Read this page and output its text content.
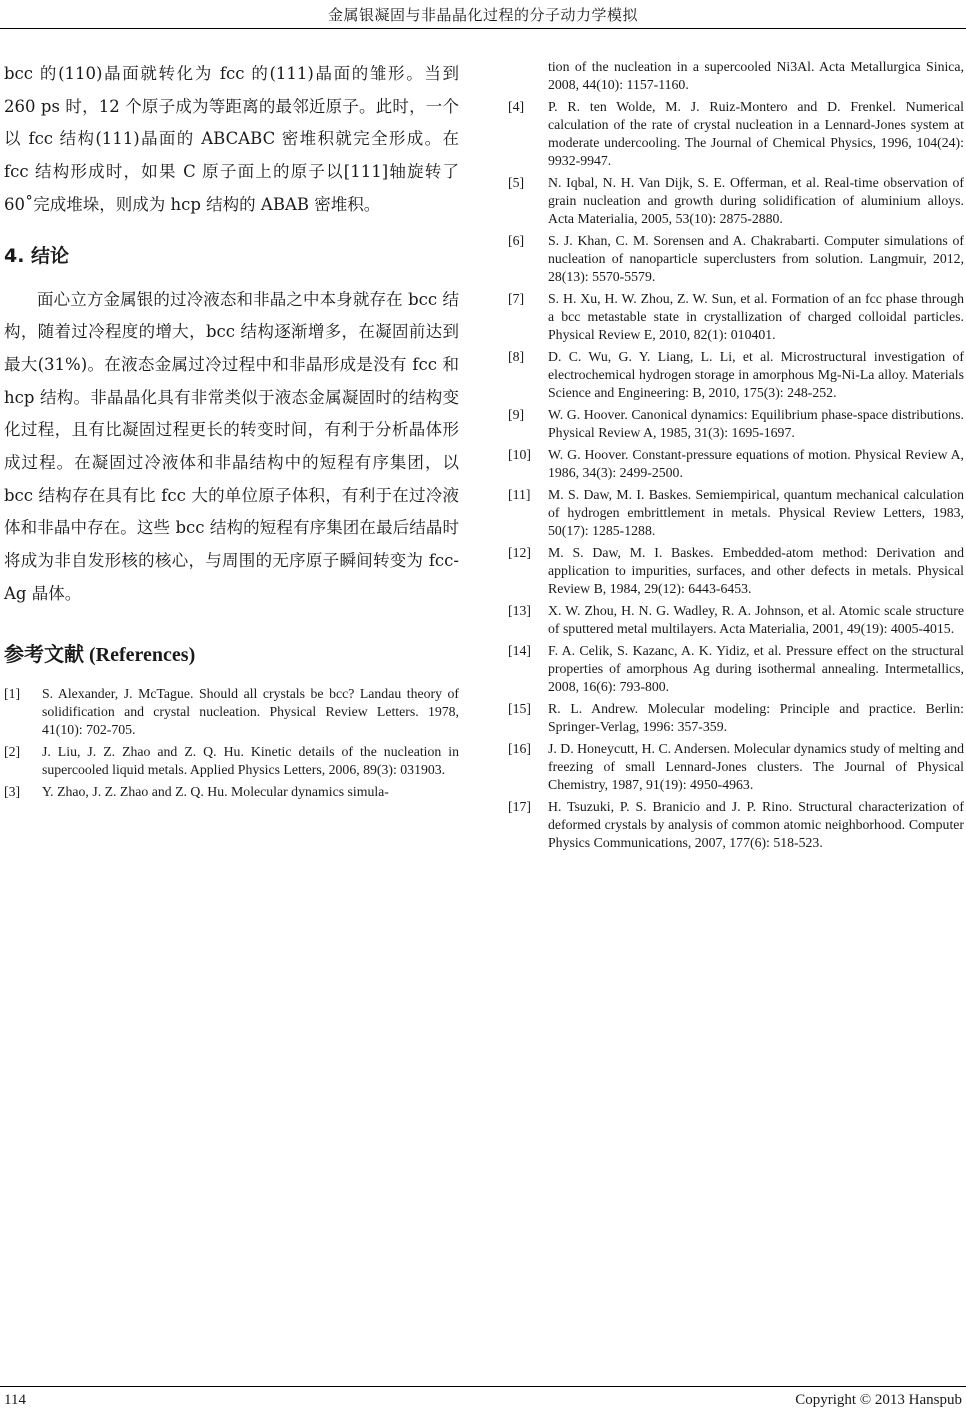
金属银凝固与非晶晶化过程的分子动力学模拟

bcc 的(110)晶面就转化为 fcc 的(111)晶面的雏形。当到 260 ps 时，12 个原子成为等距离的最邻近原子。此时，一个以 fcc 结构(111)晶面的 ABCABC 密堆积就完全形成。在 fcc 结构形成时，如果 C 原子面上的原子以[111]轴旋转了 60˚完成堆垛，则成为 hcp 结构的 ABAB 密堆积。

4. 结论

面心立方金属银的过冷液态和非晶之中本身就存在 bcc 结构，随着过冷程度的增大，bcc 结构逐渐增多，在凝固前达到最大(31%)。在液态金属过冷过程中和非晶形成是没有 fcc 和 hcp 结构。非晶晶化具有非常类似于液态金属凝固时的结构变化过程，且有比凝固过程更长的转变时间，有利于分析晶体形成过程。在凝固过冷液体和非晶结构中的短程有序集团，以 bcc 结构存在具有比 fcc 大的单位原子体积，有利于在过冷液体和非晶中存在。这些 bcc 结构的短程有序集团在最后结晶时将成为非自发形核的核心，与周围的无序原子瞬间转变为 fcc-Ag 晶体。

参考文献 (References)
[1] S. Alexander, J. McTague. Should all crystals be bcc? Landau theory of solidification and crystal nucleation. Physical Review Letters. 1978, 41(10): 702-705.
[2] J. Liu, J. Z. Zhao and Z. Q. Hu. Kinetic details of the nucleation in supercooled liquid metals. Applied Physics Letters, 2006, 89(3): 031903.
[3] Y. Zhao, J. Z. Zhao and Z. Q. Hu. Molecular dynamics simula-
tion of the nucleation in a supercooled Ni3Al. Acta Metallurgica Sinica, 2008, 44(10): 1157-1160.
[4] P. R. ten Wolde, M. J. Ruiz-Montero and D. Frenkel. Numerical calculation of the rate of crystal nucleation in a Lennard-Jones system at moderate undercooling. The Journal of Chemical Physics, 1996, 104(24): 9932-9947.
[5] N. Iqbal, N. H. Van Dijk, S. E. Offerman, et al. Real-time observation of grain nucleation and growth during solidification of aluminium alloys. Acta Materialia, 2005, 53(10): 2875-2880.
[6] S. J. Khan, C. M. Sorensen and A. Chakrabarti. Computer simulations of nucleation of nanoparticle superclusters from solution. Langmuir, 2012, 28(13): 5570-5579.
[7] S. H. Xu, H. W. Zhou, Z. W. Sun, et al. Formation of an fcc phase through a bcc metastable state in crystallization of charged colloidal particles. Physical Review E, 2010, 82(1): 010401.
[8] D. C. Wu, G. Y. Liang, L. Li, et al. Microstructural investigation of electrochemical hydrogen storage in amorphous Mg-Ni-La alloy. Materials Science and Engineering: B, 2010, 175(3): 248-252.
[9] W. G. Hoover. Canonical dynamics: Equilibrium phase-space distributions. Physical Review A, 1985, 31(3): 1695-1697.
[10] W. G. Hoover. Constant-pressure equations of motion. Physical Review A, 1986, 34(3): 2499-2500.
[11] M. S. Daw, M. I. Baskes. Semiempirical, quantum mechanical calculation of hydrogen embrittlement in metals. Physical Review Letters, 1983, 50(17): 1285-1288.
[12] M. S. Daw, M. I. Baskes. Embedded-atom method: Derivation and application to impurities, surfaces, and other defects in metals. Physical Review B, 1984, 29(12): 6443-6453.
[13] X. W. Zhou, H. N. G. Wadley, R. A. Johnson, et al. Atomic scale structure of sputtered metal multilayers. Acta Materialia, 2001, 49(19): 4005-4015.
[14] F. A. Celik, S. Kazanc, A. K. Yidiz, et al. Pressure effect on the structural properties of amorphous Ag during isothermal annealing. Intermetallics, 2008, 16(6): 793-800.
[15] R. L. Andrew. Molecular modeling: Principle and practice. Berlin: Springer-Verlag, 1996: 357-359.
[16] J. D. Honeycutt, H. C. Andersen. Molecular dynamics study of melting and freezing of small Lennard-Jones clusters. The Journal of Physical Chemistry, 1987, 91(19): 4950-4963.
[17] H. Tsuzuki, P. S. Branicio and J. P. Rino. Structural characterization of deformed crystals by analysis of common atomic neighborhood. Computer Physics Communications, 2007, 177(6): 518-523.
114	Copyright © 2013 Hanspub
